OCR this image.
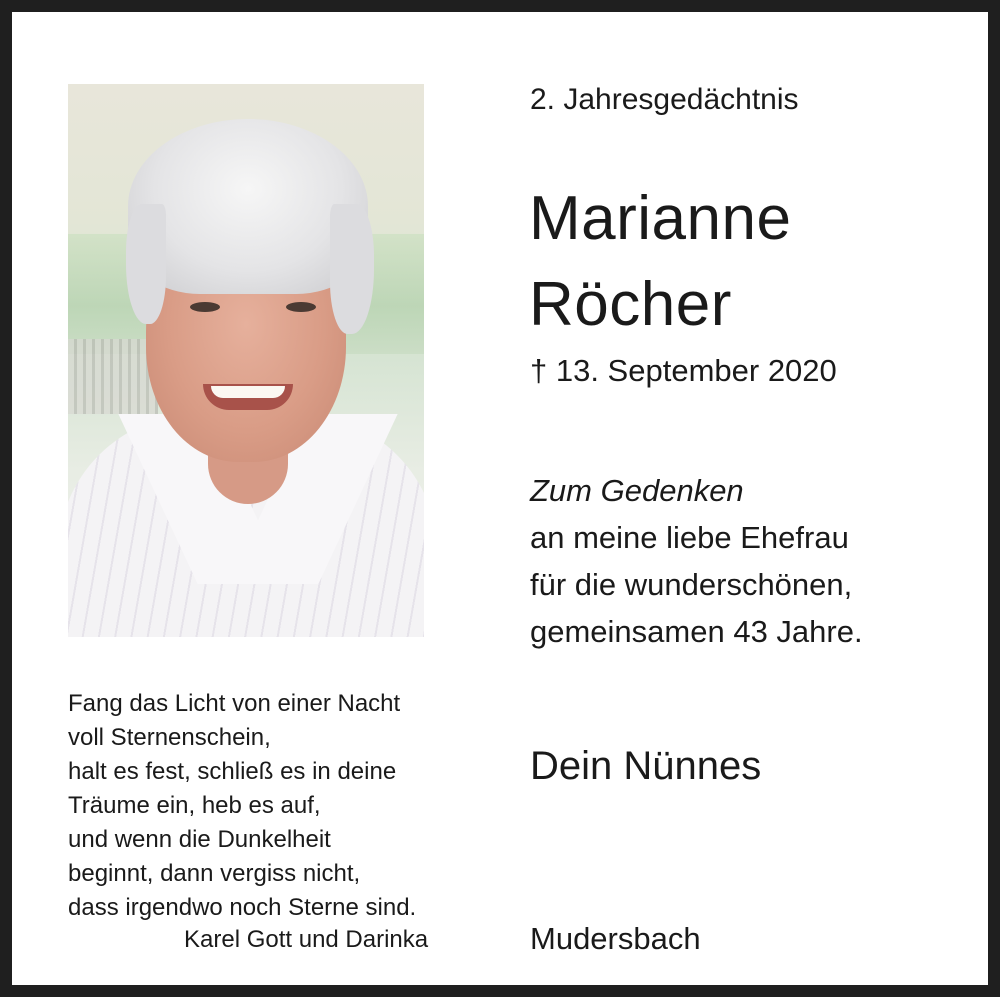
2. Jahresgedächtnis
Marianne
Röcher
† 13. September 2020
Zum Gedenken
an meine liebe Ehefrau
für die wunderschönen,
gemeinsamen 43 Jahre.
Dein Nünnes
Fang das Licht von einer Nacht
voll Sternenschein,
halt es fest, schließ es in deine
Träume ein, heb es auf,
und wenn die Dunkelheit
beginnt, dann vergiss nicht,
dass irgendwo noch Sterne sind.
Karel Gott und Darinka	Mudersbach
